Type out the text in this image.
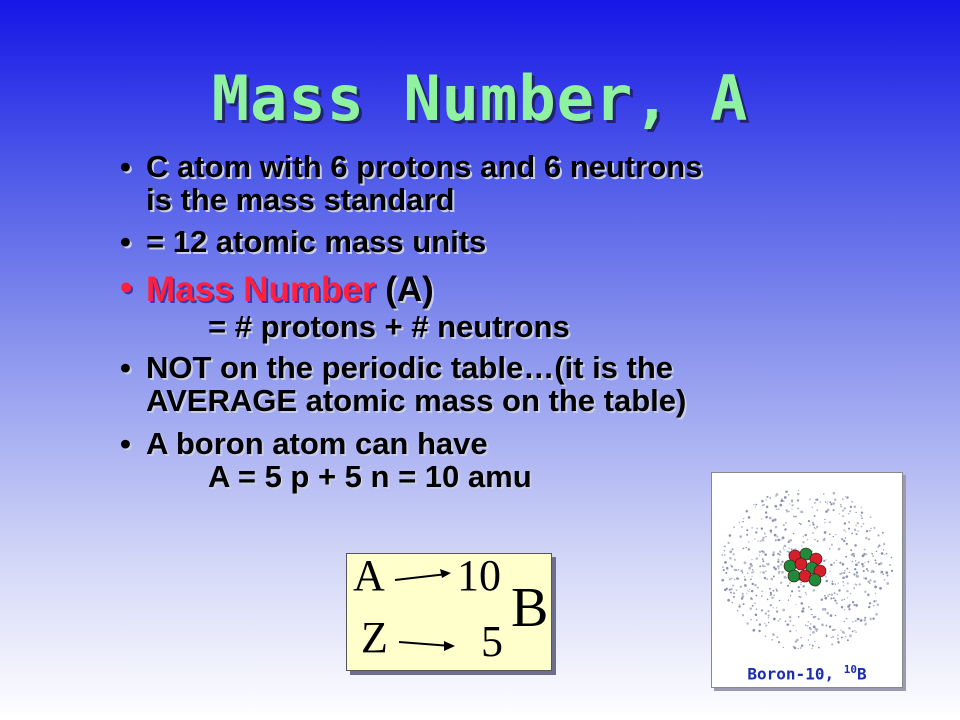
Mass Number, A
• C atom with 6 protons and 6 neutrons
is the mass standard
• = 12 atomic mass units
• Mass Number (A)
= # protons + # neutrons
• NOT on the periodic table…(it is the
AVERAGE atomic mass on the table)
• A boron atom can have
A = 5 p + 5 n = 10 amu
A
Z
10
5
B
Boron-10, $^{10}$B
